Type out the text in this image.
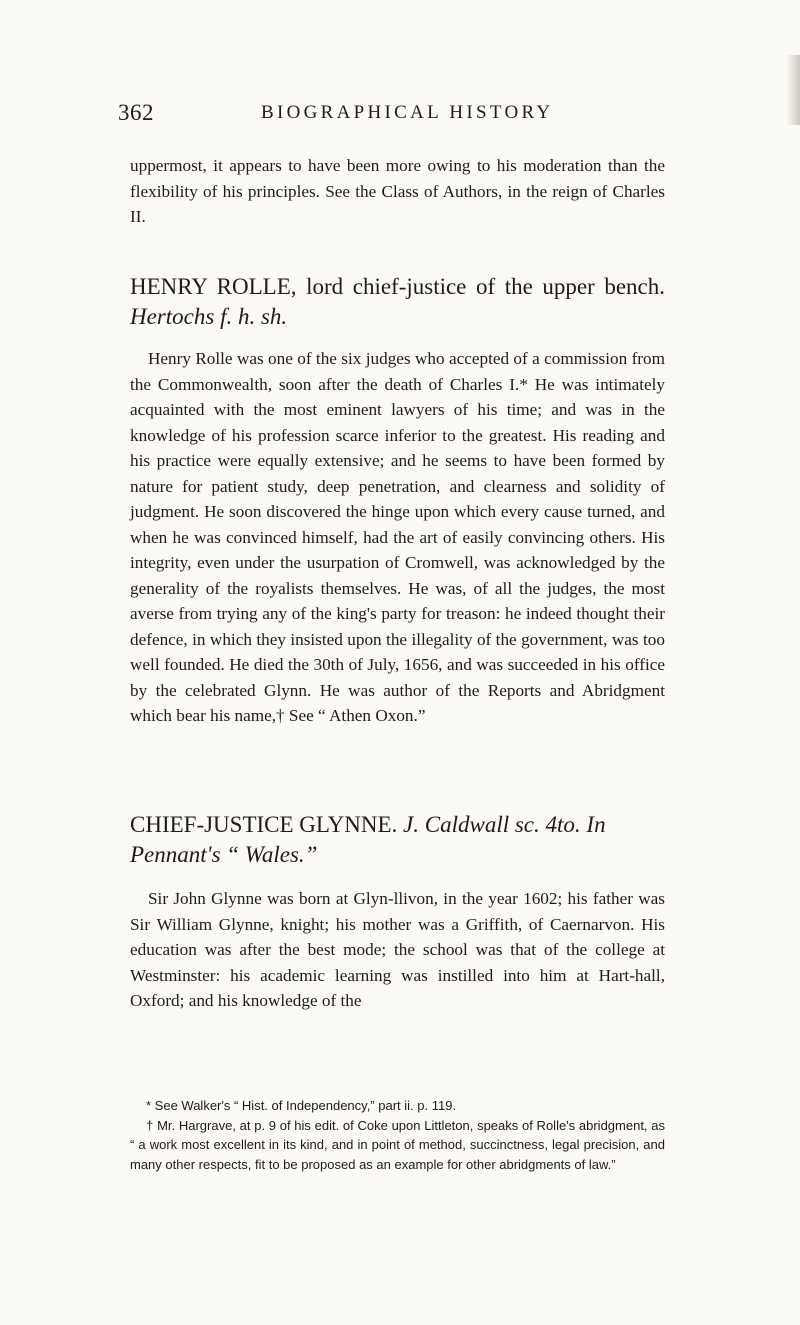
362	BIOGRAPHICAL HISTORY

uppermost, it appears to have been more owing to his moderation than the flexibility of his principles. See the Class of Authors, in the reign of Charles II.

HENRY ROLLE, lord chief-justice of the upper bench. Hertochs f. h. sh.

Henry Rolle was one of the six judges who accepted of a commission from the Commonwealth, soon after the death of Charles I.* He was intimately acquainted with the most eminent lawyers of his time; and was in the knowledge of his profession scarce inferior to the greatest. His reading and his practice were equally extensive; and he seems to have been formed by nature for patient study, deep penetration, and clearness and solidity of judgment. He soon discovered the hinge upon which every cause turned, and when he was convinced himself, had the art of easily convincing others. His integrity, even under the usurpation of Cromwell, was acknowledged by the generality of the royalists themselves. He was, of all the judges, the most averse from trying any of the king's party for treason: he indeed thought their defence, in which they insisted upon the illegality of the government, was too well founded. He died the 30th of July, 1656, and was succeeded in his office by the celebrated Glynn. He was author of the Reports and Abridgment which bear his name,† See “ Athen Oxon.”

CHIEF-JUSTICE GLYNNE. J. Caldwall sc. 4to. In Pennant's “ Wales.”

Sir John Glynne was born at Glyn-llivon, in the year 1602; his father was Sir William Glynne, knight; his mother was a Griffith, of Caernarvon. His education was after the best mode; the school was that of the college at Westminster: his academic learning was instilled into him at Hart-hall, Oxford; and his knowledge of the

* See Walker's “ Hist. of Independency,” part ii. p. 119.
† Mr. Hargrave, at p. 9 of his edit. of Coke upon Littleton, speaks of Rolle's abridgment, as “ a work most excellent in its kind, and in point of method, succinctness, legal precision, and many other respects, fit to be proposed as an example for other abridgments of law.”
